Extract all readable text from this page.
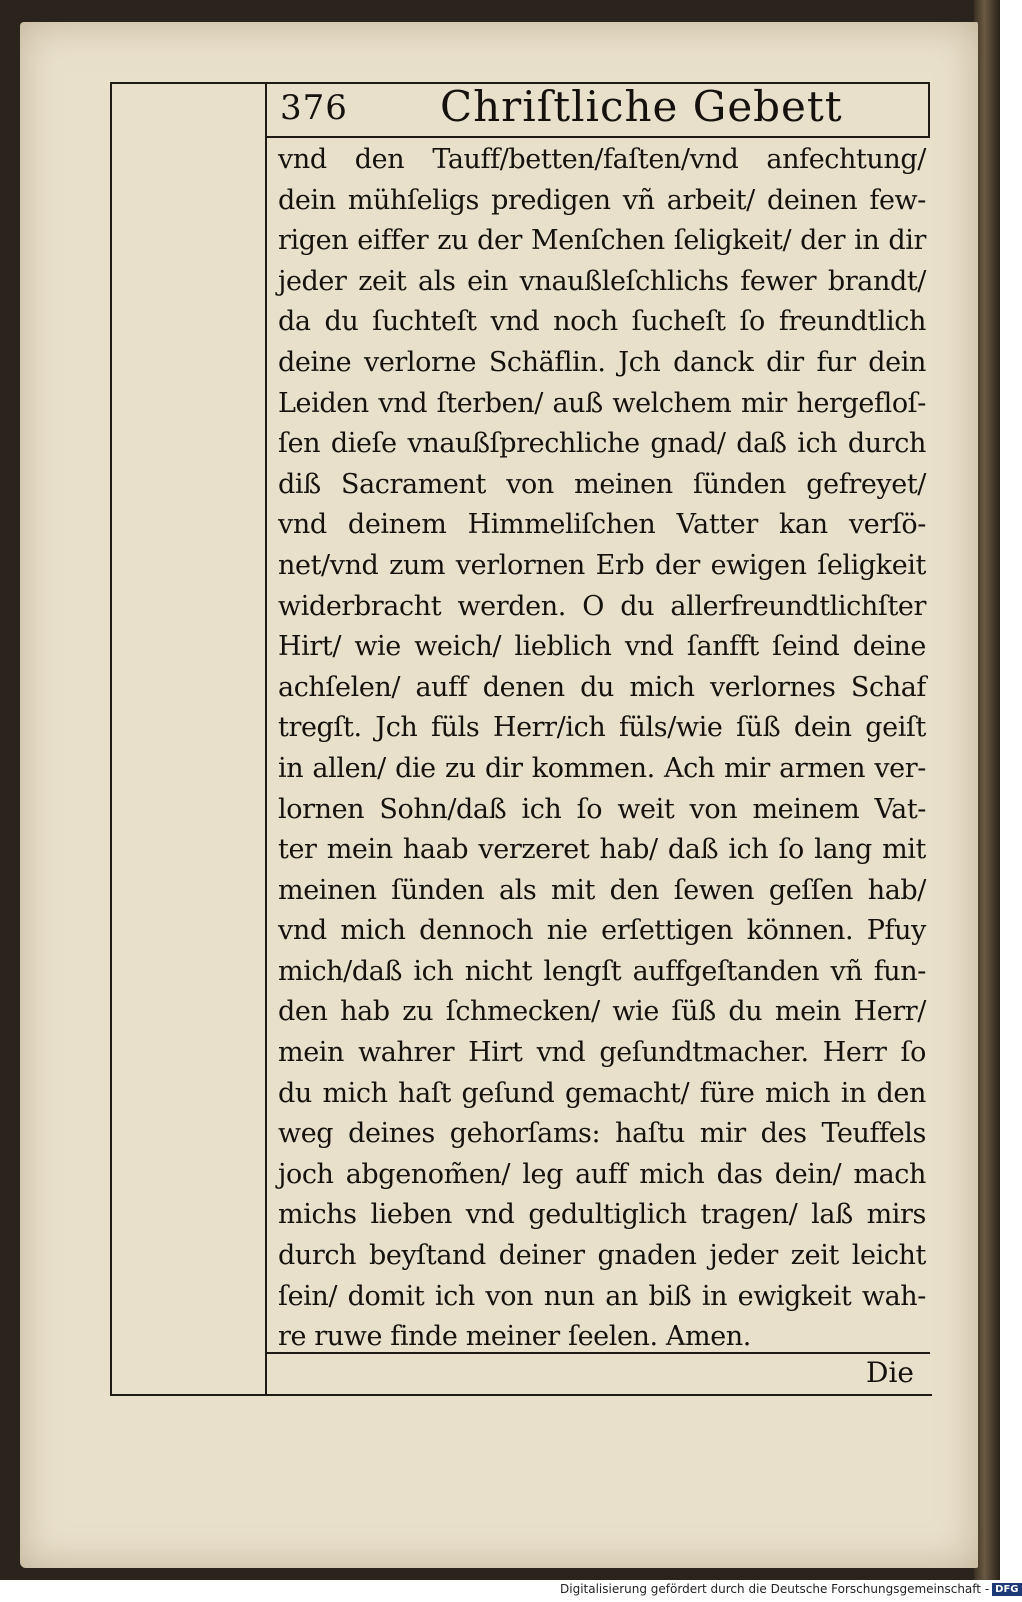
376 Chriſtliche Gebett
vnd den Tauff/betten/faſten/vnd anfechtung/
dein mühſeligs predigen vñ arbeit/ deinen few-
rigen eiffer zu der Menſchen ſeligkeit/ der in dir
jeder zeit als ein vnaußleſchlichs fewer brandt/
da du ſuchteſt vnd noch ſucheſt ſo freundtlich
deine verlorne Schäflin. Jch danck dir fur dein
Leiden vnd ſterben/ auß welchem mir hergefloſ-
ſen dieſe vnaußſprechliche gnad/ daß ich durch
diß Sacrament von meinen ſünden gefreyet/
vnd deinem Himmeliſchen Vatter kan verſö-
net/vnd zum verlornen Erb der ewigen ſeligkeit
widerbracht werden. O du allerfreundtlichſter
Hirt/ wie weich/ lieblich vnd ſanfft ſeind deine
achſelen/ auff denen du mich verlornes Schaf
tregſt. Jch füls Herr/ich füls/wie ſüß dein geiſt
in allen/ die zu dir kommen. Ach mir armen ver-
lornen Sohn/daß ich ſo weit von meinem Vat-
ter mein haab verzeret hab/ daß ich ſo lang mit
meinen ſünden als mit den ſewen geſſen hab/
vnd mich dennoch nie erſettigen können. Pfuy
mich/daß ich nicht lengſt auffgeſtanden vñ fun-
den hab zu ſchmecken/ wie ſüß du mein Herr/
mein wahrer Hirt vnd geſundtmacher. Herr ſo
du mich haſt geſund gemacht/ füre mich in den
weg deines gehorſams: haſtu mir des Teuffels
joch abgenom̃en/ leg auff mich das dein/ mach
michs lieben vnd gedultiglich tragen/ laß mirs
durch beyſtand deiner gnaden jeder zeit leicht
ſein/ domit ich von nun an biß in ewigkeit wah-
re ruwe finde meiner ſeelen. Amen.
Die
Digitalisierung gefördert durch die Deutsche Forschungsgemeinschaft - DFG
